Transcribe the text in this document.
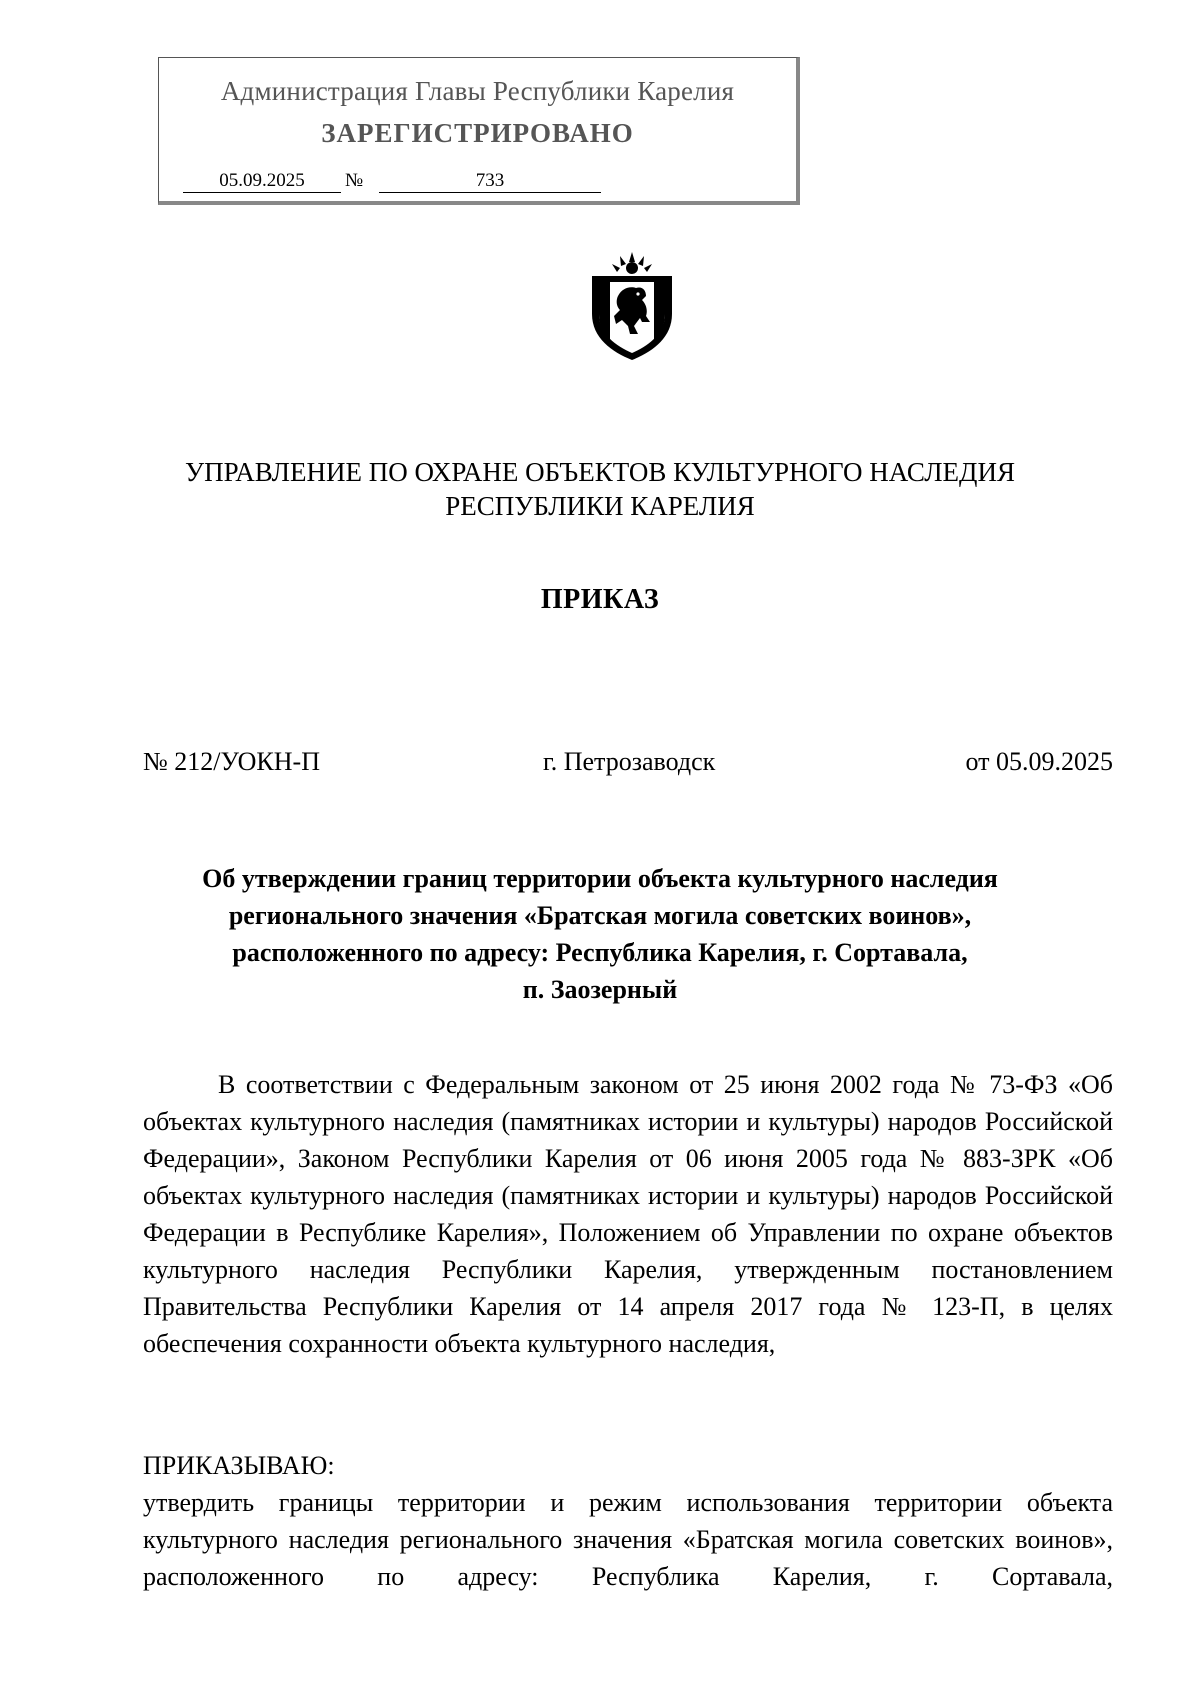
Администрация Главы Республики Карелия
ЗАРЕГИСТРИРОВАНО
05.09.2025	№	733
УПРАВЛЕНИЕ ПО ОХРАНЕ ОБЪЕКТОВ КУЛЬТУРНОГО НАСЛЕДИЯ
РЕСПУБЛИКИ КАРЕЛИЯ
ПРИКАЗ
№ 212/УОКН-П	г. Петрозаводск	от 05.09.2025
Об утверждении границ территории объекта культурного наследия
регионального значения «Братская могила советских воинов»,
расположенного по адресу: Республика Карелия, г. Сортавала,
п. Заозерный

В соответствии с Федеральным законом от 25 июня 2002 года № 73-ФЗ «Об объектах культурного наследия (памятниках истории и культуры) народов Российской Федерации», Законом Республики Карелия от 06 июня 2005 года № 883-ЗРК «Об объектах культурного наследия (памятниках истории и культуры) народов Российской Федерации в Республике Карелия», Положением об Управлении по охране объектов культурного наследия Республики Карелия, утвержденным постановлением Правительства Республики Карелия от 14 апреля 2017 года № 123-П, в целях обеспечения сохранности объекта культурного наследия,

ПРИКАЗЫВАЮ:

утвердить границы территории и режим использования территории объекта культурного наследия регионального значения «Братская могила советских воинов», расположенного по адресу: Республика Карелия, г. Сортавала,
